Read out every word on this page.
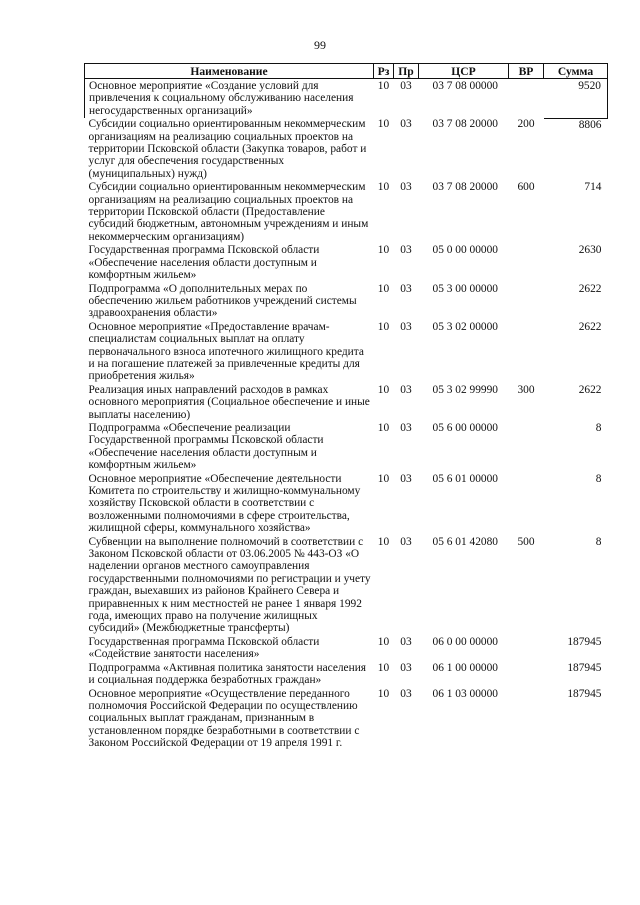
99
Наименование	Рз	Пр	ЦСР	ВР	Сумма
Основное мероприятие «Создание условий для привлечения к социальному обслуживанию населения негосударственных организаций»	10	03	03 7 08 00000		9520
Субсидии социально ориентированным некоммерческим организациям на реализацию социальных проектов на территории Псковской области (Закупка товаров, работ и услуг для обеспечения государственных (муниципальных) нужд)	10	03	03 7 08 20000	200	8806
Субсидии социально ориентированным некоммерческим организациям на реализацию социальных проектов на территории Псковской области (Предоставление субсидий бюджетным, автономным учреждениям и иным некоммерческим организациям)	10	03	03 7 08 20000	600	714
Государственная программа Псковской области «Обеспечение населения области доступным и комфортным жильем»	10	03	05 0 00 00000		2630
Подпрограмма «О дополнительных мерах по обеспечению жильем работников учреждений системы здравоохранения области»	10	03	05 3 00 00000		2622
Основное мероприятие «Предоставление врачам-специалистам социальных выплат на оплату первоначального взноса ипотечного жилищного кредита и на погашение платежей за привлеченные кредиты для приобретения жилья»	10	03	05 3 02 00000		2622
Реализация иных направлений расходов в рамках основного мероприятия (Социальное обеспечение и иные выплаты населению)	10	03	05 3 02 99990	300	2622
Подпрограмма «Обеспечение реализации Государственной программы Псковской области «Обеспечение населения области доступным и комфортным жильем»	10	03	05 6 00 00000		8
Основное мероприятие «Обеспечение деятельности Комитета по строительству и жилищно-коммунальному хозяйству Псковской области в соответствии с возложенными полномочиями в сфере строительства, жилищной сферы, коммунального хозяйства»	10	03	05 6 01 00000		8
Субвенции на выполнение полномочий в соответствии с Законом Псковской области от 03.06.2005 № 443-ОЗ «О наделении органов местного самоуправления государственными полномочиями по регистрации и учету граждан, выехавших из районов Крайнего Севера и приравненных к ним местностей не ранее 1 января 1992 года, имеющих право на получение жилищных субсидий» (Межбюджетные трансферты)	10	03	05 6 01 42080	500	8
Государственная программа Псковской области «Содействие занятости населения»	10	03	06 0 00 00000		187945
Подпрограмма «Активная политика занятости населения и социальная поддержка безработных граждан»	10	03	06 1 00 00000		187945
Основное мероприятие «Осуществление переданного полномочия Российской Федерации по осуществлению социальных выплат гражданам, признанным в установленном порядке безработными в соответствии с Законом Российской Федерации от 19 апреля 1991 г.	10	03	06 1 03 00000		187945
